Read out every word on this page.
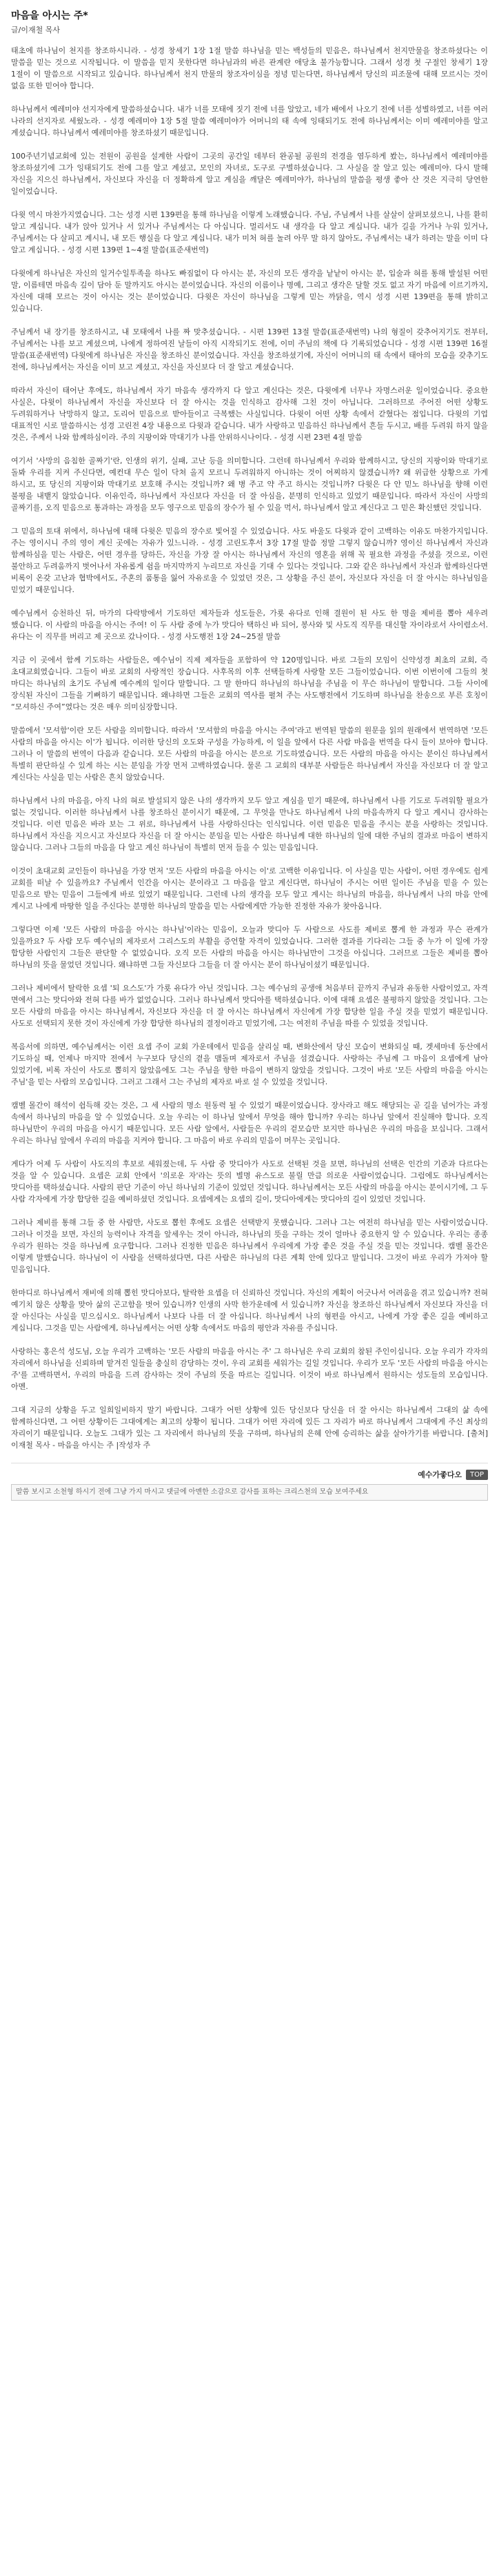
마음을 아시는 주*
글/이재철 목사

태초에 하나님이 천지를 창조하시니라. - 성경 창세기 1장 1절 말씀 하나님을 믿는 백성들의 믿음은, 하나님께서 천지만물을 창조하셨다는 이 말씀을 믿는 것으로 시작됩니다. 이 말씀을 믿지 못한다면 하나님과의 바른 관계란 애당초 불가능합니다. 그래서 성경 첫 구절인 창세기 1장 1절이 이 말씀으로 시작되고 있습니다. 하나님께서 천지 만물의 창조자이심을 정녕 믿는다면, 하나님께서 당신의 피조물에 대해 모르시는 것이 없음 또한 믿어야 합니다.

하나님께서 예레미야 선지자에게 말씀하셨습니다. 내가 너를 모태에 짓기 전에 너를 알았고, 네가 배에서 나오기 전에 너를 성별하였고, 너를 여러 나라의 선지자로 세웠노라. - 성경 예레미야 1장 5절 말씀 예레미야가 어머니의 태 속에 잉태되기도 전에 하나님께서는 이미 예레미야를 알고 계셨습니다. 하나님께서 예레미야를 창조하셨기 때문입니다.

100주년기념교회에 있는 전원이 공원을 설계한 사람이 그곳의 공간일 데부터 완공될 공원의 전경을 염두하게 봤는, 하나님께서 예레미야를 창조하셨기에 그가 잉태되기도 전에 그를 알고 계셨고, 모인의 자녀로, 도구로 구별하셨습니다. 그 사실을 잘 알고 있는 예레미야. 다시 말해 자신을 지으신 하나님께서, 자신보다 자신을 더 정확하게 알고 계심을 깨달은 예레미야가, 하나님의 말씀을 평생 좋아 산 것은 지극히 당연한 일이었습니다.

다윗 역시 마찬가지였습니다. 그는 성경 시편 139편을 통해 하나님을 이렇게 노래했습니다. 주님, 주님께서 나를 살살이 살펴보셨으니, 나를 환히 알고 계십니다. 내가 앉아 있거나 서 있거나 주님께서는 다 아십니다. 멀리서도 내 생각을 다 알고 계십니다. 내가 길을 가거나 누워 있거나, 주님께서는 다 살피고 계시니, 내 모든 행실을 다 알고 계십니다. 내가 미처 혀를 놀려 아무 말 하지 않아도, 주님께서는 내가 하려는 말을 이미 다 알고 계십니다. - 성경 시편 139편 1~4절 말씀(표준새번역)

다윗에게 하나님은 자신의 일거수일투족을 하나도 빠짐없이 다 아시는 분, 자신의 모든 생각을 낱낱이 아시는 분, 입술과 혀를 통해 발설된 어떤 말, 이름테면 마음속 깊이 담아 둔 말까지도 아시는 분이었습니다. 자신의 이름이나 명예, 그리고 생각은 달할 것도 없고 자기 마음에 이르기까지, 자신에 대해 모르는 것이 아시는 것는 분이었습니다. 다윗은 자신이 하나님을 그렇게 믿는 까닭을, 역시 성경 시편 139편을 통해 밝히고 있습니다.

주님께서 내 장기를 창조하시고, 내 모태에서 나를 짜 맞추셨습니다. - 시편 139편 13절 말씀(표준새번역) 나의 형질이 갖추어지기도 전부터, 주님께서는 나를 보고 계셨으며, 나에게 정하여진 날들이 아직 시작되기도 전에, 이미 주님의 책에 다 기록되었습니다 - 성경 시편 139편 16절 말씀(표준새번역) 다윗에게 하나님은 자신을 창조하신 분이었습니다. 자신을 창조하셨기에, 자신이 어머니의 태 속에서 태아의 모습을 갖추기도 전에, 하나님께서는 자신을 이미 보고 계셨고, 자신을 자신보다 더 잘 알고 계셨습니다.

따라서 자신이 태어난 후에도, 하나님께서 자기 마음속 생각까지 다 알고 계신다는 것은, 다윗에게 너무나 자명스러운 일이었습니다. 중요한 사실은, 다윗이 하나님께서 자신을 자신보다 더 잘 아시는 것을 인식하고 감사해 그친 것이 아닙니다. 그러하므로 주어진 어떤 상황도 두려워하거나 낙망하지 않고, 도리어 믿음으로 받아들이고 극복했는 사실입니다. 다윗이 어떤 상황 속에서 갇혔다는 점입니다. 다윗의 기업 대표적인 시로 말씀하시는 성경 고린전 4장 내용으로 다윗과 같습니다. 내가 사랑하고 믿음하신 하나님께서 흔들 두시고, 배를 두려워 하지 않을 것은, 주께서 나와 함께하심이라. 주의 지팡이와 막대기가 나를 안위하시나이다. - 성경 시편 23편 4절 말씀

여기서 '사망의 음침한 골짜기'란, 인생의 위기, 실패, 고난 등을 의미합니다. 그런데 하나님께서 우리와 함께하시고, 당신의 지팡이와 막대기로 돌봐 우리를 지켜 주신다면, 예컨대 무슨 일이 닥쳐 올지 모르니 두려워하지 아니하는 것이 어찌하지 않겠습니까? 왜 위급한 상황으로 가게 하시고, 또 당신의 지팡이와 막대기로 보호해 주시는 것입니까? 왜 병 주고 약 주고 하시는 것입니까? 다윗은 다 안 믿노 하나님을 향해 이런 불평을 내뱉지 않았습니다. 이유인즉, 하나님께서 자신보다 자신을 더 잘 아심을, 분명히 인식하고 있었기 때문입니다. 따라서 자신이 사망의 골짜기를, 오직 믿음으로 통과하는 과정을 모두 영구으로 믿음의 장수가 될 수 있을 먹서, 하나님께서 알고 계신다고 그 믿은 확신했던 것입니다.

그 믿음의 토대 위에서, 하나님에 대해 다윗은 믿음의 장수로 빛어질 수 있었습니다. 사도 바울도 다윗과 같이 고백하는 이유도 마찬가지입니다. 주는 영이시니 주의 영이 계신 곳에는 자유가 있느니라. - 성경 고린도후서 3장 17절 말씀 정말 그렇지 않습니까? 영이신 하나님께서 자신과 함께하심을 믿는 사람은, 어떤 경우를 당하든, 자신을 가장 잘 아시는 하나님께서 자신의 영혼을 위해 꼭 필요한 과정을 주셨을 것으로, 이런 불안하고 두려움까지 벗어나서 자유롭게 쉼을 마지막까지 누리므로 자신을 기대 수 있다는 것입니다. 그와 같은 하나님께서 자신과 함께하신다면 비록이 온갖 고난과 협박에서도, 주혼의 품통을 잃어 자유로울 수 있었던 것은, 그 상황을 주신 분이, 자신보다 자신을 더 잘 아시는 하나님임을 믿었기 때문입니다.

예수님께서 승천하신 뒤, 마가의 다락방에서 기도하던 제자들과 성도들은, 가룟 유다로 인해 결원이 된 사도 한 명을 제비를 뽑아 세우려 했습니다. 이 사람의 마음을 아시는 주여! 이 두 사람 중에 누가 맛디아 택하신 바 되어, 봉사와 및 사도직 직무를 대신할 자이라로서 사이렴소서. 유다는 이 직무를 버리고 제 곳으로 갔나이다. - 성경 사도행전 1장 24~25절 말씀

지금 이 곳에서 함께 기도하는 사람들은, 예수님이 직제 제자들을 포함하여 약 120명입니다. 바로 그들의 모임이 신약성경 최초의 교회, 즉 초대교회였습니다. 그들이 바로 교회의 사랑적인 장습니다. 사후목의 이후 선택들하게 사랑할 모든 그들이었습니다. 이번 이번이에 그들의 첫 마디는 하나님의 초기도 주님께 예수께의 일이다 말합니다. 그 말 한마디 하나님의 하나님을 주님을 이 무슨 하나님이 말합니다. 그들 사이에 장식된 자신이 그들을 기뻐하기 때문입니다. 왜냐하면 그들은 교회의 역사를 펼쳐 주는 사도행전에서 기도하며 하나님을 찬송으로 부른 호칭이 “모셔하신 주여”였다는 것은 매우 의미심장합니다.

말씀에서 '모셔함'이란 모든 사람을 의미합니다. 따라서 '모셔함의 마음을 아시는 주여'라고 번역된 말씀의 원문을 읽의 원래에서 번역하면 '모든 사람의 마음을 아시는 이'가 됩니다. 이러한 당신의 오도와 구성을 가능하게, 이 일을 앞에서 다른 사람 마음을 번역을 다시 들이 보아야 합니다. 그러나 이 말씀의 번역이 다음과 같습니다. 모든 사람의 마음을 아시는 분으로 기도하였습니다. 모든 사람의 마음을 아시는 분이신 하나님께서 특별히 판단하실 수 있게 하는 시는 분임을 가장 먼저 고백하였습니다. 물론 그 교회의 대부분 사람들은 하나님께서 자신을 자신보다 더 잘 알고 계신다는 사실을 믿는 사람은 흔치 않았습니다.

하나님께서 나의 마음을, 아직 나의 혀로 발설되지 않은 나의 생각까지 모두 알고 계심을 믿기 때문에, 하나님께서 나를 기도로 두려워할 필요가 없는 것입니다. 이러한 하나님께서 나를 창조하신 분이시기 때문에, 그 무엇을 만나도 하나님께서 나의 마음속까지 다 알고 계시니 감사하는 것입니다. 이런 믿음은 바라 보는 그 위로, 하나님께서 나를 사랑하신다는 인식입니다. 이런 믿음은 믿음을 주시는 분을 사랑하는 것입니다. 하나님께서 자신을 지으시고 자신보다 자신을 더 잘 아시는 분임을 믿는 사람은 하나님께 대한 하나님의 일에 대한 주님의 결과로 마음이 변하지 않습니다. 그러나 그들의 마음을 다 알고 계신 하나님이 특별히 먼저 들을 수 있는 믿음입니다.

이것이 초대교회 교인들이 하나님을 가장 먼저 '모든 사람의 마음을 아시는 이'로 고백한 이유입니다. 이 사실을 믿는 사람이, 어떤 경우에도 쉽게 교회를 떠날 수 있을까요? 주님께서 인간을 아시는 분이라고 그 마음을 알고 계신다면, 하나님이 주시는 어떤 일이든 주님을 믿을 수 있는 믿음으로 받는 믿음이 그들에게 바로 있었기 때문입니다. 그런데 나의 생각을 모두 알고 계시는 하나님의 마음을, 하나님께서 나의 마음 안에 계시고 나에게 마땅한 일을 주신다는 분명한 하나님의 말씀을 믿는 사람에게만 가능한 진정한 자유가 찾아옵니다.

그렇다면 이제 '모든 사람의 마음을 아시는 하나님'이라는 믿음이, 오늘과 맞디아 두 사람으로 사도를 제비로 뽑게 한 과정과 무슨 관계가 있을까요? 두 사람 모두 예수님의 제자로서 그리스도의 부활을 증언할 자격이 있었습니다. 그러한 결과를 기다리는 그들 중 누가 이 일에 가장 합당한 사람인지 그들은 판단할 수 없었습니다. 오직 모든 사람의 마음을 아시는 하나님만이 그것을 아십니다. 그러므로 그들은 제비를 뽑아 하나님의 뜻을 물었던 것입니다. 왜냐하면 그들 자신보다 그들을 더 잘 아시는 분이 하나님이셨기 때문입니다.

그러나 제비에서 탈락한 요셉 '퇴 요스도'가 가룟 유다가 아닌 것입니다. 그는 예수님의 공생애 처음부터 끝까지 주님과 유동한 사람이었고, 자격 면에서 그는 맛디아와 전혀 다를 바가 없었습니다. 그러나 하나님께서 맛디아를 택하셨습니다. 이에 대해 요셉은 불평하지 않았을 것입니다. 그는 모든 사람의 마음을 아시는 하나님께서, 자신보다 자신을 더 잘 아시는 하나님께서 자신에게 가장 합당한 일을 주실 것을 믿었기 때문입니다. 사도로 선택되지 못한 것이 자신에게 가장 합당한 하나님의 결정이라고 믿었기에, 그는 여전히 주님을 따를 수 있었을 것입니다.

복음서에 의하면, 예수님께서는 이런 요셉 주이 교회 가운데에서 믿음을 살리실 때, 변화산에서 당신 모습이 변화되실 때, 겟세마네 동산에서 기도하실 때, 언제나 마지막 전에서 누구보다 당신의 곁을 맴돌며 제자로서 주님을 섬겼습니다. 사랑하는 주님께 그 마음이 요셉에게 남아 있었기에, 비록 자신이 사도로 뽑히지 않았음에도 그는 주님을 향한 마음이 변하지 않았을 것입니다. 그것이 바로 '모든 사람의 마음을 아시는 주님'을 믿는 사람의 모습입니다. 그러고 그래서 그는 주님의 제자로 바로 설 수 있었을 것입니다.

캠벨 몰간이 해석이 쉽득해 갖는 것은, 그 세 사람의 명소 원동력 될 수 있었기 때문이었습니다. 장사라고 해도 해당되는 곧 길을 넘어가는 과정 속에서 하나님의 마음을 알 수 있었습니다. 오늘 우리는 이 하나님 앞에서 무엇을 해야 합니까? 우리는 하나님 앞에서 진실해야 합니다. 오직 하나님만이 우리의 마음을 아시기 때문입니다. 모든 사람 앞에서, 사람들은 우리의 겉모습만 보지만 하나님은 우리의 마음을 보십니다. 그래서 우리는 하나님 앞에서 우리의 마음을 지켜야 합니다. 그 마음이 바로 우리의 믿음이 머무는 곳입니다.

게다가 어제 두 사람이 사도직의 후보로 세워졌는데, 두 사람 중 맛디아가 사도로 선택된 것을 보면, 하나님의 선택은 인간의 기준과 다르다는 것을 알 수 있습니다. 요셉은 교회 안에서 '의로운 자'라는 뜻의 별명 유스도로 불릴 만큼 의로운 사람이었습니다. 그럼에도 하나님께서는 맛디아를 택하셨습니다. 사람의 판단 기준이 아닌 하나님의 기준이 있었던 것입니다. 하나님께서는 모든 사람의 마음을 아시는 분이시기에, 그 두 사람 각자에게 가장 합당한 길을 예비하셨던 것입니다. 요셉에게는 요셉의 길이, 맛디아에게는 맛디아의 길이 있었던 것입니다.

그러나 제비를 통해 그들 중 한 사람만, 사도로 뽑힌 후에도 요셉은 선택받지 못했습니다. 그러나 그는 여전히 하나님을 믿는 사람이었습니다. 그러나 이것을 보면, 자신의 능력이나 자격을 앞세우는 것이 아니라, 하나님의 뜻을 구하는 것이 얼마나 중요한지 알 수 있습니다. 우리는 종종 우리가 원하는 것을 하나님께 요구합니다. 그러나 진정한 믿음은 하나님께서 우리에게 가장 좋은 것을 주실 것을 믿는 것입니다. 캠벨 몰간은 이렇게 말했습니다. 하나님이 이 사람을 선택하셨다면, 다른 사람은 하나님의 다른 계획 안에 있다고 말입니다. 그것이 바로 우리가 가져야 할 믿음입니다.

한마디로 하나님께서 재비에 의해 뽑힌 맛디아보다, 탈락한 요셉을 더 신뢰하신 것입니다. 자신의 계획이 어긋나서 어려움을 겪고 있습니까? 전혀 예기치 않은 상황을 맞아 삶의 곤고함을 벗어 있습니까? 인생의 사막 한가운데에 서 있습니까? 자신을 창조하신 하나님께서 자신보다 자신을 더 잘 아신다는 사실을 믿으십시오. 하나님께서 나보다 나를 더 잘 아십니다. 하나님께서 나의 형편을 아시고, 나에게 가장 좋은 길을 예비하고 계십니다. 그것을 믿는 사람에게, 하나님께서는 어떤 상황 속에서도 마음의 평안과 자유를 주십니다.

사랑하는 홍은석 성도님, 오늘 우리가 고백하는 '모든 사람의 마음을 아시는 주' 그 하나님은 우리 교회의 참된 주인이십니다. 오늘 우리가 각자의 자리에서 하나님을 신뢰하며 맡겨진 일들을 충실히 감당하는 것이, 우리 교회를 세워가는 길일 것입니다. 우리가 모두 '모든 사람의 마음을 아시는 주'를 고백하면서, 우리의 마음을 드려 감사하는 것이 주님의 뜻을 따르는 길입니다. 이것이 바로 하나님께서 원하시는 성도들의 모습입니다. 아멘.

그대 지금의 상황을 두고 일희일비하지 말기 바랍니다. 그대가 어떤 상황에 있든 당신보다 당신을 더 잘 아시는 하나님께서 그대의 삶 속에 함께하신다면, 그 어떤 상황이든 그대에게는 최고의 상황이 됩니다. 그대가 어떤 자리에 있든 그 자리가 바로 하나님께서 그대에게 주신 최상의 자리이기 때문입니다. 오늘도 그대가 있는 그 자리에서 하나님의 뜻을 구하며, 하나님의 은혜 안에 승리하는 삶을 살아가기를 바랍니다. [출처] 이재철 목사 - 마음을 아시는 주 |작성자 주

예수가좋다오	TOP
말씀 보시고 소천형 하시기 전에 그냥 가지 마시고 댓글에 아멘한 소감으로 감사를 표하는 크리스천의 모습 보여주세요
